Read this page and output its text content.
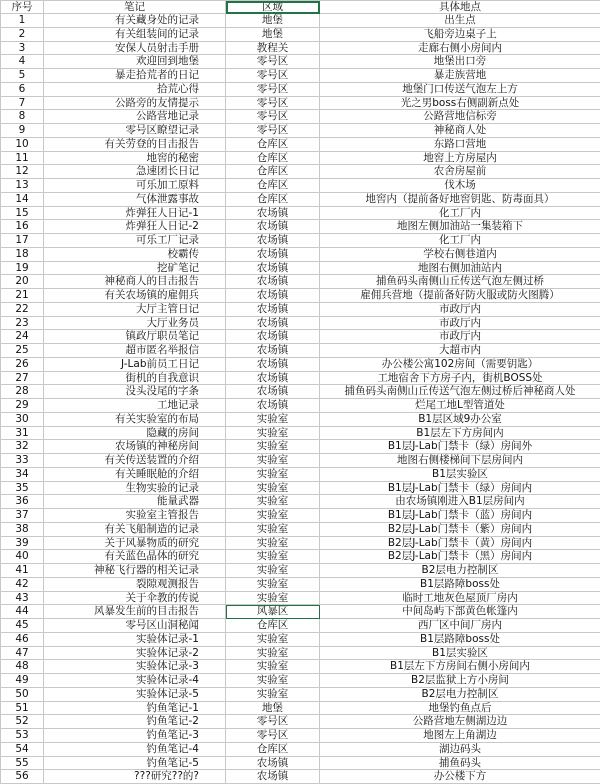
序号	笔记	区域	具体地点
1	有关藏身处的记录	地堡	出生点
2	有关组装间的记录	地堡	飞船旁边桌子上
3	安保人员射击手册	教程关	走廊右侧小房间内
4	欢迎回到地堡	零号区	地堡出口旁
5	暴走拾荒者的日记	零号区	暴走族营地
6	拾荒心得	零号区	地堡门口传送气泡左上方
7	公路旁的友情提示	零号区	光之男boss右侧副新点处
8	公路营地记录	零号区	公路营地信标旁
9	零号区瞭望记录	零号区	神秘商人处
10	有关劳登的目击报告	仓库区	东路口营地
11	地窖的秘密	仓库区	地窖上方房屋内
12	急速团长日记	仓库区	农舍房屋前
13	可乐加工原料	仓库区	伐木场
14	气体泄露事故	仓库区	地窖内（提前备好地窖钥匙、防毒面具）
15	炸弹狂人日记-1	农场镇	化工厂内
16	炸弹狂人日记-2	农场镇	地图左侧加油站一集装箱下
17	可乐工厂记录	农场镇	化工厂内
18	校霸传	农场镇	学校右侧巷道内
19	挖矿笔记	农场镇	地图右侧加油站内
20	神秘商人的目击报告	农场镇	捕鱼码头南侧山丘传送气泡左侧过桥
21	有关农场镇的雇佣兵	农场镇	雇佣兵营地（提前备好防火服或防火图腾）
22	大厅主管日记	农场镇	市政厅内
23	大厅业务员	农场镇	市政厅内
24	镇政厅职员笔记	农场镇	市政厅内
25	超市匿名举报信	农场镇	大超市内
26	J-Lab前员工日记	农场镇	办公楼公寓102房间（需要钥匙）
27	街机的自我意识	农场镇	工地宿舍下方房子内，街机BOSS处
28	没头没尾的字条	农场镇	捕鱼码头南侧山丘传送气泡左侧过桥后神秘商人处
29	工地记录	农场镇	烂尾工地L型管道处
30	有关实验室的布局	实验室	B1层区域9办公室
31	隐藏的房间	实验室	B1层左下方房间内
32	农场镇的神秘房间	实验室	B1层J-Lab门禁卡（绿）房间外
33	有关传送装置的介绍	实验室	地图右侧楼梯间下层房间内
34	有关睡眠舱的介绍	实验室	B1层实验区
35	生物实验的记录	实验室	B1层J-Lab门禁卡（绿）房间内
36	能量武器	实验室	由农场镇刚进入B1层房间内
37	实验室主管报告	实验室	B1层J-Lab门禁卡（蓝）房间内
38	有关飞船制造的记录	实验室	B2层J-Lab门禁卡（紫）房间内
39	关于风暴物质的研究	实验室	B2层J-Lab门禁卡（黄）房间内
40	有关蓝色晶体的研究	实验室	B2层J-Lab门禁卡（黑）房间内
41	神秘飞行器的相关记录	实验室	B2层电力控制区
42	裂隙观测报告	实验室	B1层路障boss处
43	关于伞教的传说	实验室	临时工地灰色屋顶厂房内
44	风暴发生前的目击报告	风暴区	中间岛屿下部黄色帐篷内
45	零号区山洞秘闻	仓库区	西厂区中间厂房内
46	实验体记录-1	实验室	B1层路障boss处
47	实验体记录-2	实验室	B1层实验区
48	实验体记录-3	实验室	B1层左下方房间右侧小房间内
49	实验体记录-4	实验室	B2层监狱上方小房间
50	实验体记录-5	实验室	B2层电力控制区
51	钓鱼笔记-1	地堡	地堡钓鱼点后
52	钓鱼笔记-2	零号区	公路营地左侧湖边边
53	钓鱼笔记-3	零号区	地图左上角湖边
54	钓鱼笔记-4	仓库区	湖边码头
55	钓鱼笔记-5	农场镇	捕鱼码头
56	???研究??的?	农场镇	办公楼下方
